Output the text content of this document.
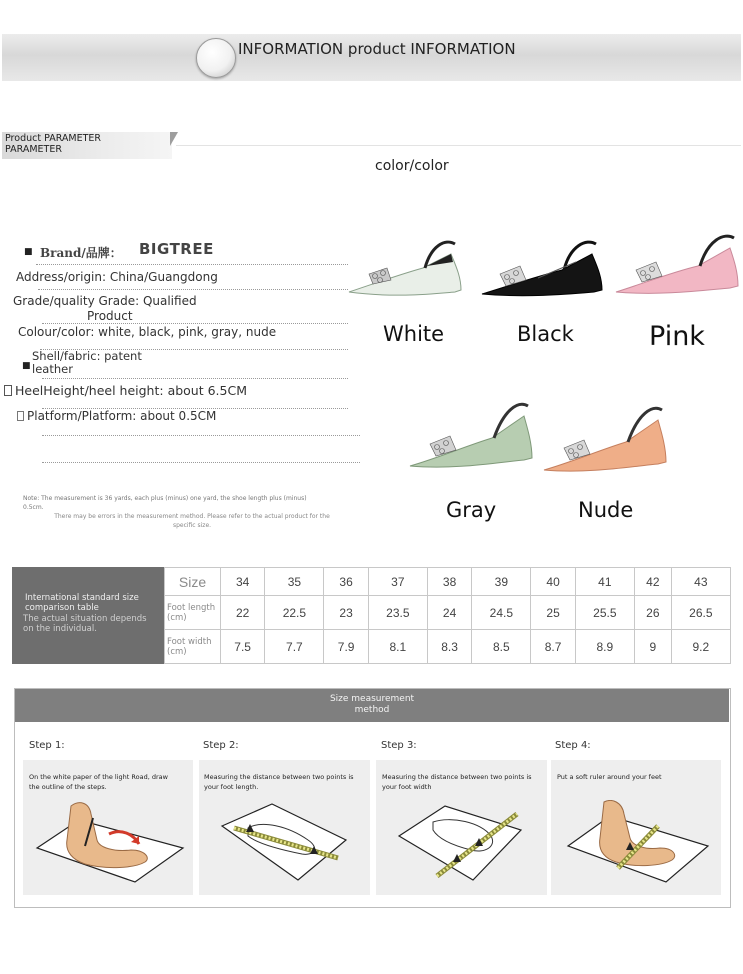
INFORMATION product INFORMATION
Product PARAMETER
PARAMETER
color/color
■ Brand/品牌： BIGTREE
Address/origin: China/Guangdong
Grade/quality Grade: Qualified
Product
Colour/color: white, black, pink, gray, nude
■
Shell/fabric: patent
leather
HeelHeight/heel height: about 6.5CM
Platform/Platform: about 0.5CM
Note: The measurement is 36 yards, each plus (minus) one yard, the shoe length plus (minus) 0.5cm.
There may be errors in the measurement method. Please refer to the actual product for the specific size.
White	Black	Pink
Gray	Nude
International standard size comparison table
The actual situation depends on the individual.
Size	34	35	36	37	38	39	40	41	42	43
Foot length (cm)	22	22.5	23	23.5	24	24.5	25	25.5	26	26.5
Foot width (cm)	7.5	7.7	7.9	8.1	8.3	8.5	8.7	8.9	9	9.2
Size measurement
method
Step 1:	Step 2:	Step 3:	Step 4:
On the white paper of the light Road, draw the outline of the steps.
Measuring the distance between two points is your foot length.
Measuring the distance between two points is your foot width
Put a soft ruler around your feet
